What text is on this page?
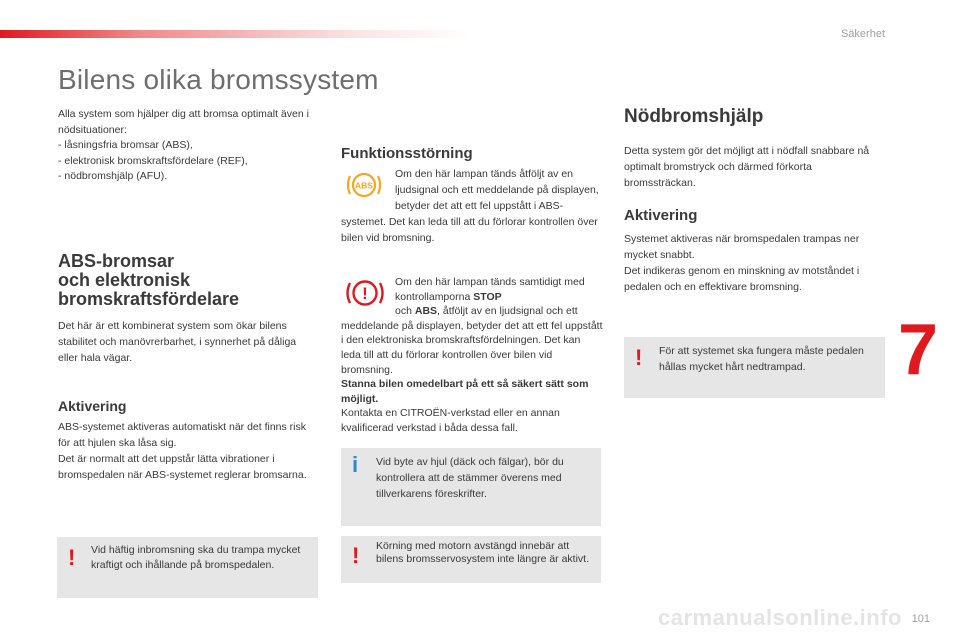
Säkerhet
Bilens olika bromssystem

Alla system som hjälper dig att bromsa optimalt även i nödsituationer:

- låsningsfria bromsar (ABS),

- elektronisk bromskraftsfördelare (REF),

- nödbromshjälp (AFU).

ABS-bromsar
och elektronisk
bromskraftsfördelare
Det här är ett kombinerat system som ökar bilens stabilitet och manövrerbarhet, i synnerhet på dåliga eller hala vägar.
Aktivering

ABS-systemet aktiveras automatiskt när det finns risk för att hjulen ska låsa sig.

Det är normalt att det uppstår lätta vibrationer i bromspedalen när ABS-systemet reglerar bromsarna.

! Vid häftig inbromsning ska du trampa mycket kraftigt och ihållande på bromspedalen.
Funktionsstörning
ABS
Om den här lampan tänds åtföljt av en ljudsignal och ett meddelande på displayen, betyder det att ett fel uppstått i ABS-systemet. Det kan leda till att du förlorar kontrollen över bilen vid bromsning.
!
Om den här lampan tänds samtidigt med kontrollamporna STOP
och ABS, åtföljt av en ljudsignal och ett meddelande på displayen, betyder det att ett fel uppstått i den elektroniska bromskraftsfördelningen. Det kan leda till att du förlorar kontrollen över bilen vid bromsning.
Stanna bilen omedelbart på ett så säkert sätt som möjligt.
Kontakta en CITROËN-verkstad eller en annan kvalificerad verkstad i båda dessa fall.
i Vid byte av hjul (däck och fälgar), bör du kontrollera att de stämmer överens med tillverkarens föreskrifter.
! Körning med motorn avstängd innebär att bilens bromsservosystem inte längre är aktivt.
Nödbromshjälp
Detta system gör det möjligt att i nödfall snabbare nå optimalt bromstryck och därmed förkorta bromssträckan.
Aktivering

Systemet aktiveras när bromspedalen trampas ner mycket snabbt.

Det indikeras genom en minskning av motståndet i pedalen och en effektivare bromsning.

! För att systemet ska fungera måste pedalen hållas mycket hårt nedtrampad.	7
carmanualsonline.info 101
